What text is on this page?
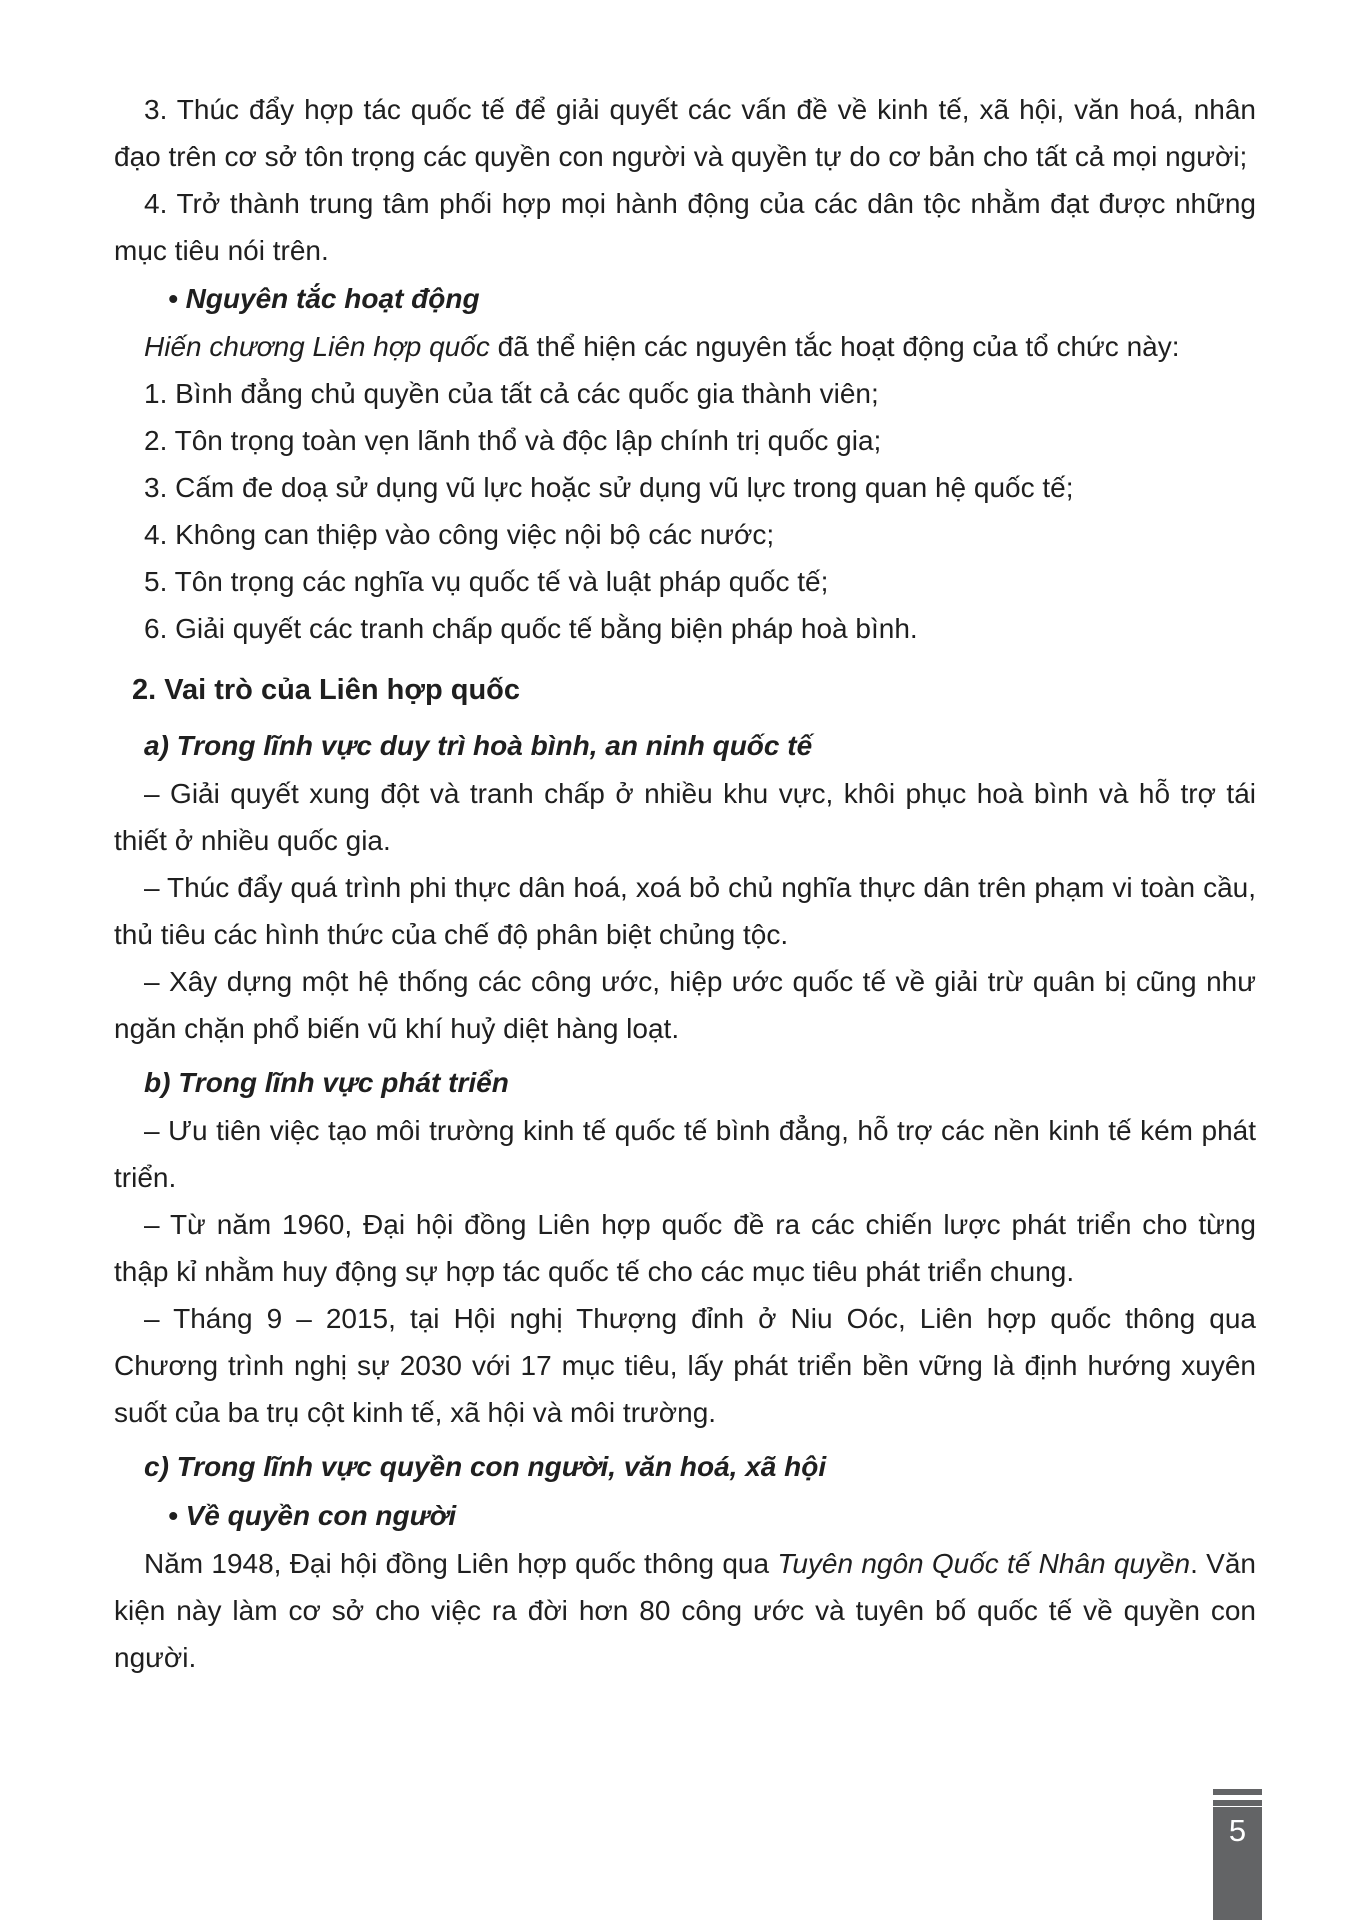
3. Thúc đẩy hợp tác quốc tế để giải quyết các vấn đề về kinh tế, xã hội, văn hoá, nhân đạo trên cơ sở tôn trọng các quyền con người và quyền tự do cơ bản cho tất cả mọi người;

4. Trở thành trung tâm phối hợp mọi hành động của các dân tộc nhằm đạt được những mục tiêu nói trên.

• Nguyên tắc hoạt động

Hiến chương Liên hợp quốc đã thể hiện các nguyên tắc hoạt động của tổ chức này:

1. Bình đẳng chủ quyền của tất cả các quốc gia thành viên;

2. Tôn trọng toàn vẹn lãnh thổ và độc lập chính trị quốc gia;

3. Cấm đe doạ sử dụng vũ lực hoặc sử dụng vũ lực trong quan hệ quốc tế;

4. Không can thiệp vào công việc nội bộ các nước;

5. Tôn trọng các nghĩa vụ quốc tế và luật pháp quốc tế;

6. Giải quyết các tranh chấp quốc tế bằng biện pháp hoà bình.

2. Vai trò của Liên hợp quốc

a) Trong lĩnh vực duy trì hoà bình, an ninh quốc tế

– Giải quyết xung đột và tranh chấp ở nhiều khu vực, khôi phục hoà bình và hỗ trợ tái thiết ở nhiều quốc gia.

– Thúc đẩy quá trình phi thực dân hoá, xoá bỏ chủ nghĩa thực dân trên phạm vi toàn cầu, thủ tiêu các hình thức của chế độ phân biệt chủng tộc.

– Xây dựng một hệ thống các công ước, hiệp ước quốc tế về giải trừ quân bị cũng như ngăn chặn phổ biến vũ khí huỷ diệt hàng loạt.

b) Trong lĩnh vực phát triển

– Ưu tiên việc tạo môi trường kinh tế quốc tế bình đẳng, hỗ trợ các nền kinh tế kém phát triển.

– Từ năm 1960, Đại hội đồng Liên hợp quốc đề ra các chiến lược phát triển cho từng thập kỉ nhằm huy động sự hợp tác quốc tế cho các mục tiêu phát triển chung.

– Tháng 9 – 2015, tại Hội nghị Thượng đỉnh ở Niu Oóc, Liên hợp quốc thông qua Chương trình nghị sự 2030 với 17 mục tiêu, lấy phát triển bền vững là định hướng xuyên suốt của ba trụ cột kinh tế, xã hội và môi trường.

c) Trong lĩnh vực quyền con người, văn hoá, xã hội

• Về quyền con người

Năm 1948, Đại hội đồng Liên hợp quốc thông qua Tuyên ngôn Quốc tế Nhân quyền. Văn kiện này làm cơ sở cho việc ra đời hơn 80 công ước và tuyên bố quốc tế về quyền con người.

5
